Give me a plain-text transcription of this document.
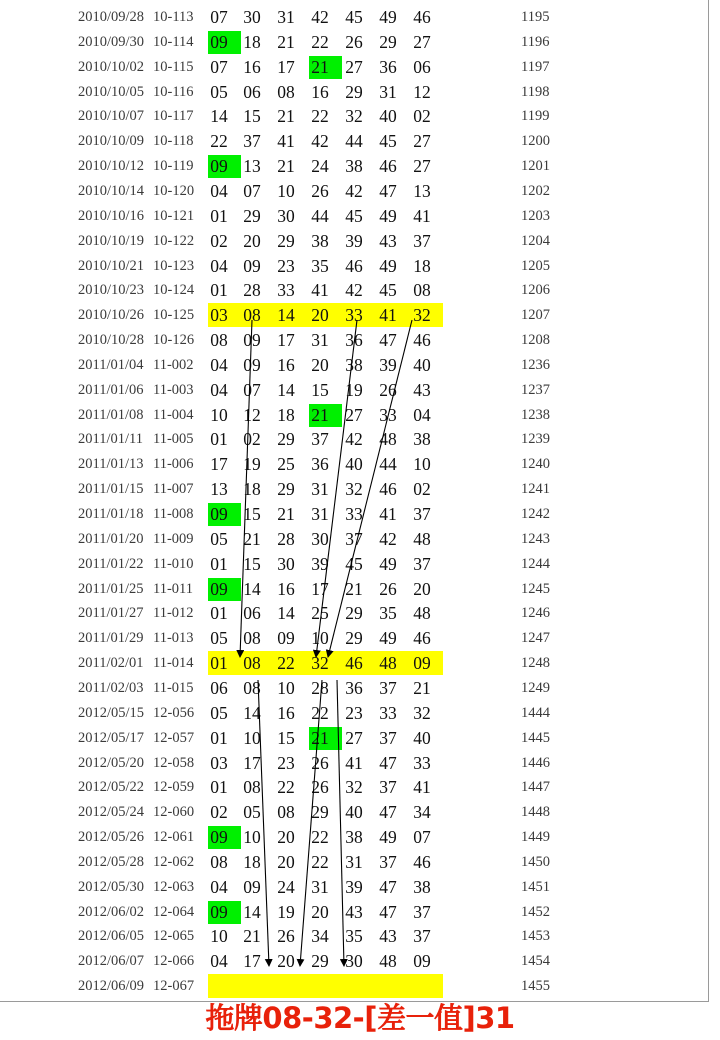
2010/09/28 10-113 07 30 31 42 45 49 46	1195
2010/09/30 10-114 09 18 21 22 26 29 27	1196
2010/10/02 10-115 07 16 17 21 27 36 06	1197
2010/10/05 10-116 05 06 08 16 29 31 12	1198
2010/10/07 10-117 14 15 21 22 32 40 02	1199
2010/10/09 10-118 22 37 41 42 44 45 27	1200
2010/10/12 10-119 09 13 21 24 38 46 27	1201
2010/10/14 10-120 04 07 10 26 42 47 13	1202
2010/10/16 10-121 01 29 30 44 45 49 41	1203
2010/10/19 10-122 02 20 29 38 39 43 37	1204
2010/10/21 10-123 04 09 23 35 46 49 18	1205
2010/10/23 10-124 01 28 33 41 42 45 08	1206
2010/10/26 10-125 03 08 14 20 33 41 32	1207
2010/10/28 10-126 08 09 17 31 36 47 46	1208
2011/01/04 11-002 04 09 16 20 38 39 40	1236
2011/01/06 11-003 04 07 14 15 19 26 43	1237
2011/01/08 11-004 10 12 18 21 27 33 04	1238
2011/01/11 11-005 01 02 29 37 42 48 38	1239
2011/01/13 11-006 17 19 25 36 40 44 10	1240
2011/01/15 11-007 13 18 29 31 32 46 02	1241
2011/01/18 11-008 09 15 21 31 33 41 37	1242
2011/01/20 11-009 05 21 28 30 37 42 48	1243
2011/01/22 11-010 01 15 30 39 45 49 37	1244
2011/01/25 11-011 09 14 16 17 21 26 20	1245
2011/01/27 11-012 01 06 14 25 29 35 48	1246
2011/01/29 11-013 05 08 09 10 29 49 46	1247
2011/02/01 11-014 01 08 22 32 46 48 09	1248
2011/02/03 11-015 06 08 10 28 36 37 21	1249
2012/05/15 12-056 05 14 16 22 23 33 32	1444
2012/05/17 12-057 01 10 15 21 27 37 40	1445
2012/05/20 12-058 03 17 23 26 41 47 33	1446
2012/05/22 12-059 01 08 22 26 32 37 41	1447
2012/05/24 12-060 02 05 08 29 40 47 34	1448
2012/05/26 12-061 09 10 20 22 38 49 07	1449
2012/05/28 12-062 08 18 20 22 31 37 46	1450
2012/05/30 12-063 04 09 24 31 39 47 38	1451
2012/06/02 12-064 09 14 19 20 43 47 37	1452
2012/06/05 12-065 10 21 26 34 35 43 37	1453
2012/06/07 12-066 04 17 20 29 30 48 09	1454
2012/06/09 12-067	1455
拖牌08-32-[差一值]31
